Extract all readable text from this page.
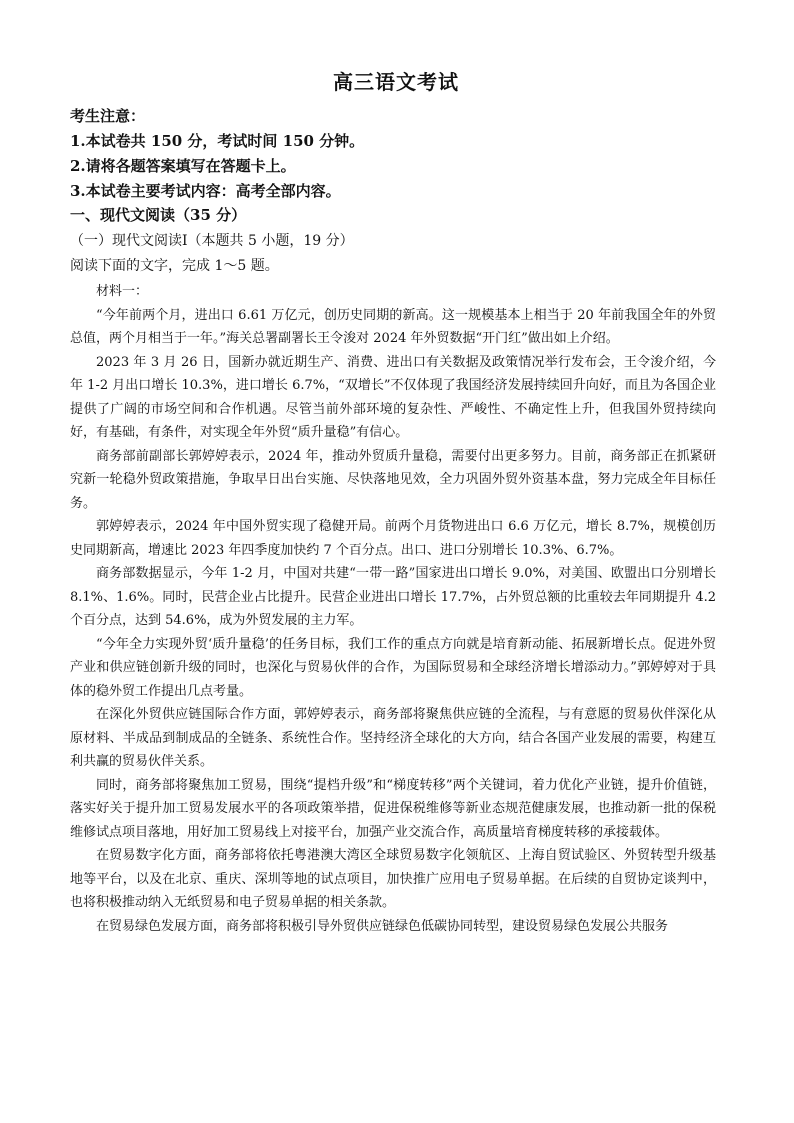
高三语文考试
考生注意：
1.本试卷共 150 分，考试时间 150 分钟。
2.请将各题答案填写在答题卡上。
3.本试卷主要考试内容：高考全部内容。
一、现代文阅读（35 分）
（一）现代文阅读Ⅰ（本题共 5 小题，19 分）
阅读下面的文字，完成 1～5 题。

材料一：

“今年前两个月，进出口 6.61 万亿元，创历史同期的新高。这一规模基本上相当于 20 年前我国全年的外贸总值，两个月相当于一年。”海关总署副署长王令浚对 2024 年外贸数据“开门红”做出如上介绍。

2023 年 3 月 26 日，国新办就近期生产、消费、进出口有关数据及政策情况举行发布会，王令浚介绍，今年 1-2 月出口增长 10.3%，进口增长 6.7%，“双增长”不仅体现了我国经济发展持续回升向好，而且为各国企业提供了广阔的市场空间和合作机遇。尽管当前外部环境的复杂性、严峻性、不确定性上升，但我国外贸持续向好，有基础，有条件，对实现全年外贸“质升量稳”有信心。

商务部前副部长郭婷婷表示，2024 年，推动外贸质升量稳，需要付出更多努力。目前，商务部正在抓紧研究新一轮稳外贸政策措施，争取早日出台实施、尽快落地见效，全力巩固外贸外资基本盘，努力完成全年目标任务。

郭婷婷表示，2024 年中国外贸实现了稳健开局。前两个月货物进出口 6.6 万亿元，增长 8.7%，规模创历史同期新高，增速比 2023 年四季度加快约 7 个百分点。出口、进口分别增长 10.3%、6.7%。

商务部数据显示，今年 1-2 月，中国对共建“一带一路”国家进出口增长 9.0%，对美国、欧盟出口分别增长 8.1%、1.6%。同时，民营企业占比提升。民营企业进出口增长 17.7%，占外贸总额的比重较去年同期提升 4.2 个百分点，达到 54.6%，成为外贸发展的主力军。

“今年全力实现外贸‘质升量稳’的任务目标，我们工作的重点方向就是培育新动能、拓展新增长点。促进外贸产业和供应链创新升级的同时，也深化与贸易伙伴的合作，为国际贸易和全球经济增长增添动力。”郭婷婷对于具体的稳外贸工作提出几点考量。

在深化外贸供应链国际合作方面，郭婷婷表示，商务部将聚焦供应链的全流程，与有意愿的贸易伙伴深化从原材料、半成品到制成品的全链条、系统性合作。坚持经济全球化的大方向，结合各国产业发展的需要，构建互利共赢的贸易伙伴关系。

同时，商务部将聚焦加工贸易，围绕“提档升级”和“梯度转移”两个关键词，着力优化产业链，提升价值链，落实好关于提升加工贸易发展水平的各项政策举措，促进保税维修等新业态规范健康发展，也推动新一批的保税维修试点项目落地，用好加工贸易线上对接平台，加强产业交流合作，高质量培育梯度转移的承接载体。

在贸易数字化方面，商务部将依托粤港澳大湾区全球贸易数字化领航区、上海自贸试验区、外贸转型升级基地等平台，以及在北京、重庆、深圳等地的试点项目，加快推广应用电子贸易单据。在后续的自贸协定谈判中，也将积极推动纳入无纸贸易和电子贸易单据的相关条款。

在贸易绿色发展方面，商务部将积极引导外贸供应链绿色低碳协同转型，建设贸易绿色发展公共服务
